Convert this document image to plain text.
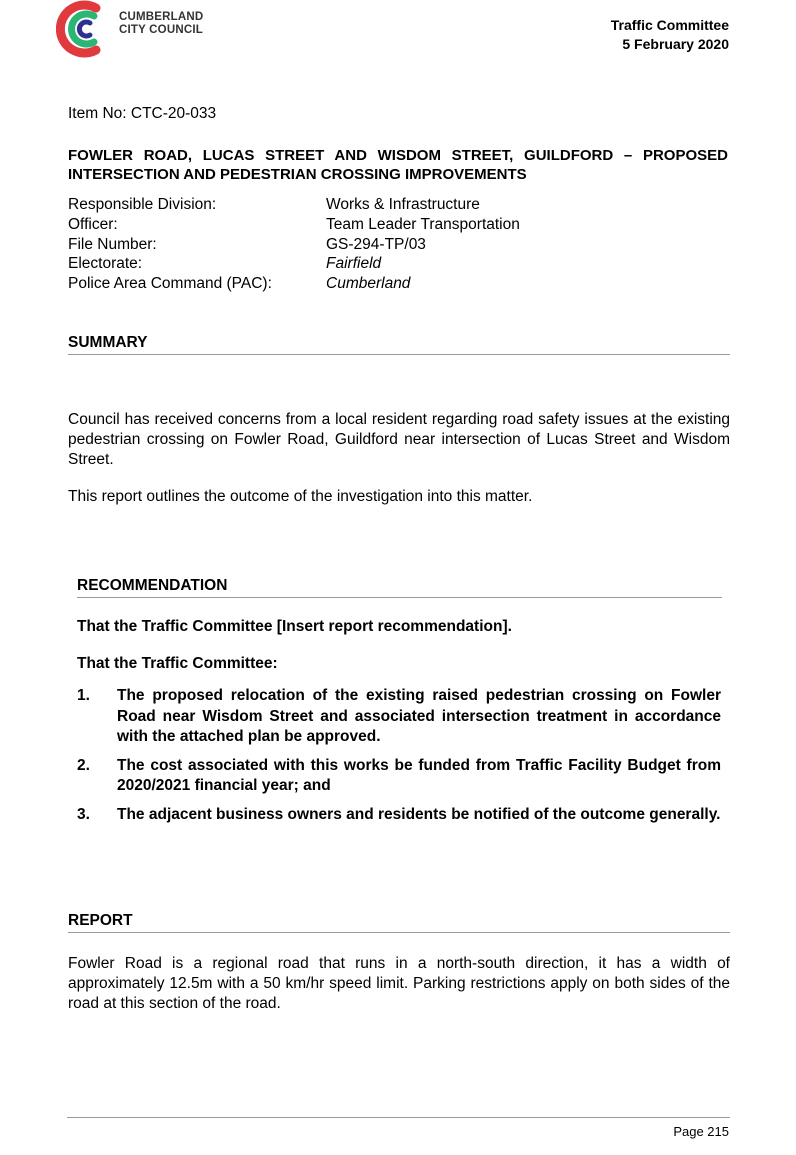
CUMBERLAND
CITY COUNCIL	Traffic Committee
5 February 2020
Item No: CTC-20-033
FOWLER ROAD, LUCAS STREET AND WISDOM STREET, GUILDFORD – PROPOSED INTERSECTION AND PEDESTRIAN CROSSING IMPROVEMENTS
Responsible Division:	Works & Infrastructure
Officer:	Team Leader Transportation
File Number:	GS-294-TP/03
Electorate:	Fairfield
Police Area Command (PAC):	Cumberland
SUMMARY
Council has received concerns from a local resident regarding road safety issues at the existing pedestrian crossing on Fowler Road, Guildford near intersection of Lucas Street and Wisdom Street.
This report outlines the outcome of the investigation into this matter.
RECOMMENDATION
That the Traffic Committee [Insert report recommendation].
That the Traffic Committee:
1.	The proposed relocation of the existing raised pedestrian crossing on Fowler Road near Wisdom Street and associated intersection treatment in accordance with the attached plan be approved.
2.	The cost associated with this works be funded from Traffic Facility Budget from 2020/2021 financial year; and
3.	The adjacent business owners and residents be notified of the outcome generally.
REPORT
Fowler Road is a regional road that runs in a north-south direction, it has a width of approximately 12.5m with a 50 km/hr speed limit. Parking restrictions apply on both sides of the road at this section of the road.
Page 215
